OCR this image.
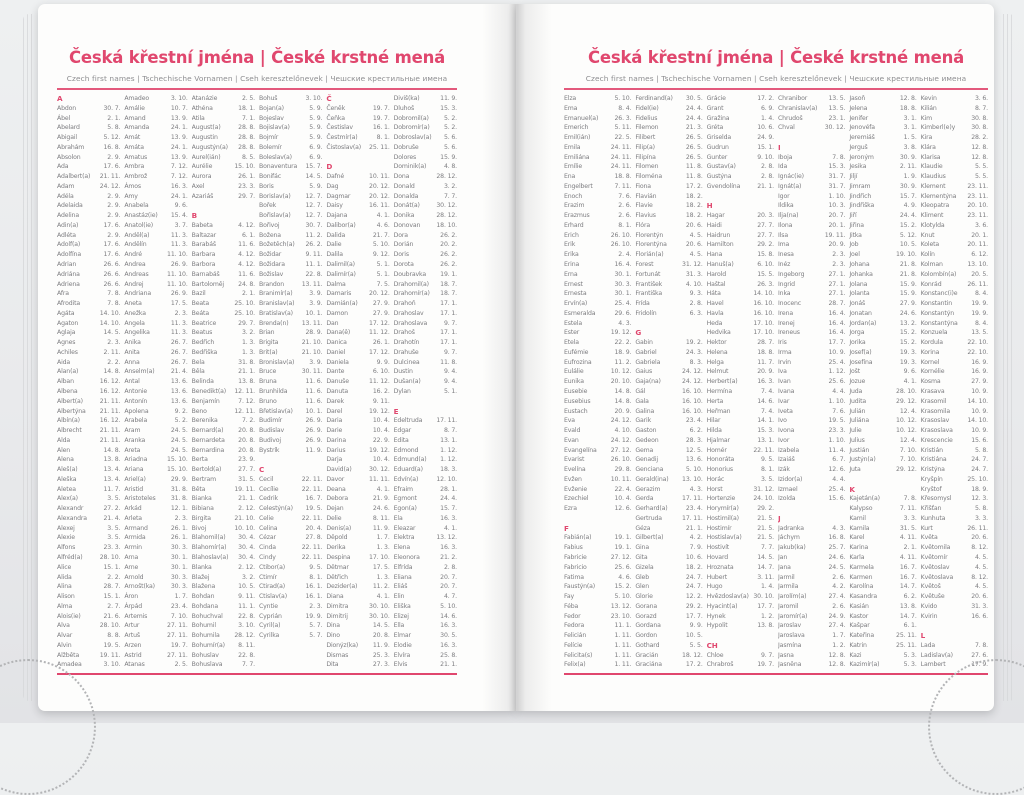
Česká křestní jména | České krstné mená
Czech first names | Tschechische Vornamen | Cseh keresztelőnevek | Чешские крестильные имена
A
Abdon	30. 7.
Ábel	2. 1.
Abelard	5. 8.
Abigail	5. 12.
Abrahám	16. 8.
Absolon	2. 9.
Ada	17. 6.
Adalbert(a)	21. 11.
Adam	24. 12.
Adéla	2. 9.
Adelaida	2. 9.
Adelina	2. 9.
Adin(a)	17. 6.
Adléta	2. 9.
Adolf(a)	17. 6.
Adolfína	17. 6.
Adrian	26. 6.
Adriána	26. 6.
Adriena	26. 6.
Afra	7. 8.
Afrodita	7. 8.
Agáta	14. 10.
Agaton	14. 10.
Aglaja	14. 5.
Agnes	2. 3.
Achiles	2. 11.
Aida	2. 2.
Alan(a)	14. 8.
Alban	16. 12.
Albena	16. 12.
Albert(a)	21. 11.
Albertýna	21. 11.
Albín(a)	16. 12.
Albrecht	21. 11.
Alda	21. 11.
Alen	14. 8.
Alena	13. 8.
Aleš(a)	13. 4.
Aleška	13. 4.
Aletea	11. 7.
Alex(a)	3. 5.
Alexandr	27. 2.
Alexandra	21. 4.
Alexej	3. 5.
Alexie	3. 5.
Alfons	23. 3.
Alfréd(a)	28. 10.
Alice	15. 1.
Alida	2. 2.
Alina	28. 7.
Alison	15. 1.
Alma	2. 7.
Alois(ie)	21. 6.
Alva	28. 10.
Alvar	8. 8.
Alvin	19. 5.
Alžběta	19. 11.
Amadea	3. 10.
Amadeo	3. 10.
Amálie	10. 7.
Amand	13. 9.
Amanda	24. 1.
Amát	13. 9.
Amáta	24. 1.
Amatus	13. 9.
Ambra	7. 12.
Ambrož	7. 12.
Ámos	16. 3.
Amy	24. 1.
Anabela	9. 6.
Anastáz(ie)	15. 4.
Anatol(ie)	3. 7.
Anděl(a)	11. 3.
Andělín	11. 3.
André	11. 10.
Andrea	26. 9.
Andreas	11. 10.
Andrej	11. 10.
Andriana	26. 9.
Aneta	17. 5.
Anežka	2. 3.
Angela	11. 3.
Angelika	11. 3.
Anika	26. 7.
Anita	26. 7.
Anna	26. 7.
Anselm(a)	21. 4.
Antal	13. 6.
Antonie	13. 6.
Antonín	13. 6.
Apolena	9. 2.
Arabela	5. 2.
Aram	24. 5.
Aranka	24. 5.
Areta	24. 5.
Ariadna	15. 10.
Ariana	15. 10.
Ariel(a)	29. 9.
Aristid	31. 8.
Aristoteles	31. 8.
Arkád	12. 1.
Arleta	2. 3.
Armand	26. 1.
Armida	26. 1.
Armin	30. 3.
Arna	30. 1.
Arne	30. 1.
Arnold	30. 3.
Arnošt(ka)	30. 3.
Áron	1. 7.
Árpád	23. 4.
Artemis	7. 10.
Artur	27. 11.
Artuš	27. 11.
Arzen	19. 7.
Astrid	27. 11.
Atanas	2. 5.
Atanázie	2. 5.
Athéna	18. 1.
Atila	7. 1.
August(a)	28. 8.
Augustin	28. 8.
Augustýn(a)	28. 8.
Aurel(ián)	8. 5.
Aurélie	15. 10.
Aurora	26. 1.
Axel	23. 3.
Azariáš	29. 7.
B
Babeta	4. 12.
Baltazar	6. 1.
Barabáš	11. 6.
Barbara	4. 12.
Barbora	4. 12.
Barnabáš	11. 6.
Bartoloměj	24. 8.
Bazil	2. 1.
Beata	25. 10.
Beáta	25. 10.
Beatrice	29. 7.
Beatus	3. 2.
Bedřich	1. 3.
Bedřiška	1. 3.
Bela	31. 8.
Běla	21. 1.
Belinda	13. 8.
Benedikt(a)	12. 11.
Benjamín	7. 12.
Beno	12. 11.
Berenika	7. 2.
Bernard(a)	20. 8.
Bernardeta	20. 8.
Bernardina	20. 8.
Berta	23. 9.
Bertold(a)	27. 7.
Bertram	31. 5.
Běta	19. 11.
Bianka	21. 1.
Bibiana	2. 12.
Birgita	21. 10.
Bivoj	10. 10.
Blahomil(a)	30. 4.
Blahomír(a)	30. 4.
Blahoslav(a)	30. 4.
Blanka	2. 12.
Blažej	3. 2.
Blažena	10. 5.
Bohdan	9. 11.
Bohdana	11. 1.
Bohuchval	22. 8.
Bohumil	3. 10.
Bohumila	28. 12.
Bohumír(a)	8. 11.
Bohuslav	22. 8.
Bohuslava	7. 7.
Bohuš	3. 10.
Bojan(a)	5. 9.
Bojeslav	5. 9.
Bojislav(a)	5. 9.
Bojmír	5. 9.
Bolemír	6. 9.
Boleslav(a)	6. 9.
Bonaventura	15. 7.
Bonifác	14. 5.
Boris	5. 9.
Borislav(a)	12. 7.
Bořek	12. 7.
Bořislav(a)	12. 7.
Bořivoj	30. 7.
Božena	11. 2.
Božetěch(a)	26. 2.
Božidar	9. 11.
Božidara	11. 1.
Božislav	22. 8.
Brandon	13. 11.
Branimír(a)	3. 9.
Branislav(a)	3. 9.
Bratislav(a)	10. 1.
Brenda(n)	13. 11.
Brian	28. 9.
Brigita	21. 10.
Brit(a)	21. 10.
Bronislav(a)	3. 9.
Bruce	30. 11.
Bruna	11. 6.
Brunhilda	11. 6.
Bruno	11. 6.
Břetislav(a)	10. 1.
Budimír	26. 9.
Budislav	26. 9.
Budivoj	26. 9.
Bystrík	11. 9.
C
Cecil	22. 11.
Cecílie	22. 11.
Cedrik	16. 7.
Celestýn(a)	19. 5.
Celie	22. 11.
Celina	20. 4.
Cézar	27. 8.
Cinda	22. 11.
Cindy	22. 11.
Ctibor(a)	9. 5.
Ctimír	8. 1.
Ctirad(a)	16. 1.
Ctislav(a)	16. 1.
Cyntie	2. 3.
Cyprián	19. 9.
Cyril(a)	5. 7.
Cyrilka	5. 7.
Č
Čeněk	19. 7.
Čeňka	19. 7.
Čestislav	16. 1.
Čestmír(a)	8. 1.
Čistoslav(a)	25. 11.
D
Dafné	10. 11.
Dag	20. 12.
Dagmar	20. 12.
Daisy	16. 11.
Dajana	4. 1.
Dalibor(a)	4. 6.
Dalida	21. 7.
Dalie	5. 10.
Dalila	9. 12.
Dalimil(a)	5. 1.
Dalimír(a)	5. 1.
Dalma	7. 5.
Damaris	20. 12.
Damián(a)	27. 9.
Damon	27. 9.
Dan	17. 12.
Dana(ě)	11. 12.
Danica	26. 1.
Daniel	17. 12.
Daniela	9. 9.
Dante	6. 10.
Danuše	11. 12.
Danuta	16. 2.
Darek	9. 11.
Darel	19. 12.
Daria	10. 4.
Darie	10. 4.
Darina	22. 9.
Darius	19. 12.
Darja	10. 4.
David(a)	30. 12.
Davor	11. 11.
Deana	4. 1.
Debora	21. 9.
Dejan	24. 6.
Delie	8. 11.
Denis(a)	11. 9.
Děpold	1. 7.
Derika	1. 3.
Despina	17. 10.
Dětmar	17. 5.
Dětřich	1. 3.
Dezider(a)	11. 2.
Diana	4. 1.
Dimitra	30. 10.
Dimitrij	30. 10.
Dina	14. 5.
Dino	20. 8.
Dionýz(ka)	11. 9.
Dismas	25. 3.
Dita	27. 3.
Diviš(ka)	11. 9.
Dluhoš	15. 3.
Dobromil(a)	5. 2.
Dobromír(a)	5. 2.
Dobroslav(a)	5. 6.
Dobruše	5. 6.
Dolores	15. 9.
Dominik(a)	4. 8.
Dona	28. 12.
Donald	3. 2.
Donalda	7. 7.
Donát(a)	30. 12.
Donika	28. 12.
Donovan	18. 10.
Dora	26. 2.
Dorián	20. 2.
Doris	26. 2.
Dorota	26. 2.
Doubravka	19. 1.
Drahomil(a)	18. 7.
Drahomír(a)	18. 7.
Drahoň	17. 1.
Drahoslav	17. 1.
Drahoslava	9. 7.
Drahoš	17. 1.
Drahotín	17. 1.
Drahuše	9. 7.
Dulcinea	11. 8.
Dustin	9. 4.
Dušan(a)	9. 4.
Dylan	5. 1.
E
Edeltruda	17. 11.
Edgar	8. 7.
Edita	13. 1.
Edmond	1. 12.
Edmund(a)	1. 12.
Eduard(a)	18. 3.
Edvín(a)	12. 10.
Efraim	28. 1.
Egmont	24. 4.
Egon(a)	15. 7.
Ela	16. 3.
Eleazar	4. 1.
Elektra	13. 12.
Elena	16. 3.
Eleonora	21. 2.
Elfrída	2. 8.
Eliana	20. 7.
Eliáš	20. 7.
Elin	4. 7.
Eliška	5. 10.
Elizej	14. 6.
Ella	16. 3.
Elmar	30. 5.
Elodie	16. 3.
Elvíra	25. 8.
Elvis	21. 1.
Česká křestní jména | České krstné mená
Czech first names | Tschechische Vornamen | Cseh keresztelőnevek | Чешские крестильные имена
Elza	5. 10.
Ema	8. 4.
Emanuel(a)	26. 3.
Emerich	5. 11.
Emil(ián)	22. 5.
Emila	24. 11.
Emiliána	24. 11.
Emílie	24. 11.
Ena	18. 8.
Engelbert	7. 11.
Enoch	7. 6.
Erazim	2. 6.
Erazmus	2. 6.
Erhard	8. 1.
Erich	26. 10.
Erik	26. 10.
Erika	2. 4.
Erina	16. 4.
Erna	30. 1.
Ernest	30. 3.
Ernesta	30. 1.
Ervín(a)	25. 4.
Esmeralda	29. 6.
Estela	4. 3.
Ester	19. 12.
Etela	22. 2.
Eufémie	18. 9.
Eufrozina	11. 2.
Eulálie	10. 12.
Eunika	20. 10.
Eusebie	14. 8.
Eusebius	14. 8.
Eustach	20. 9.
Eva	24. 12.
Evald	4. 10.
Evan	24. 12.
Evangelína	27. 12.
Evarist	26. 10.
Evelína	29. 8.
Evžen	10. 11.
Evženie	22. 4.
Ezechiel	10. 4.
Ezra	12. 6.
F
Fabián(a)	19. 1.
Fabius	19. 1.
Fabricie	27. 12.
Fabricio	25. 6.
Fatima	4. 6.
Faustýn(a)	15. 2.
Fay	5. 10.
Féba	13. 12.
Fedor	23. 10.
Fedora	11. 1.
Felicián	1. 11.
Felície	1. 11.
Felicita(s)	1. 11.
Felix(a)	1. 11.
Ferdinand(a)	30. 5.
Fidel(ie)	24. 4.
Fidelius	24. 4.
Filemon	21. 3.
Filibert	26. 5.
Filip(a)	26. 5.
Filipína	26. 5.
Filomen	11. 8.
Filoména	11. 8.
Fiona	17. 2.
Flavián	18. 2.
Flavie	18. 2.
Flavius	18. 2.
Flóra	20. 6.
Florentýn	4. 5.
Florentýna	20. 6.
Florián(a)	4. 5.
Forest	31. 12.
Fortunát	31. 3.
František	4. 10.
Františka	9. 3.
Frída	2. 8.
Fridolín	6. 3.
G
Gabin	19. 2.
Gabriel	24. 3.
Gabriela	8. 3.
Gaius	24. 12.
Gaja(na)	24. 12.
Gál	16. 10.
Gala	16. 10.
Galina	16. 10.
Garik	23. 4.
Gaston	6. 2.
Gedeon	28. 3.
Gema	12. 5.
Genadij	13. 6.
Genciana	5. 10.
Gerald(ina)	13. 10.
Gerazim	4. 3.
Gerda	17. 11.
Gerhard(a)	23. 4.
Gertruda	17. 11.
Géza	21. 1.
Gilbert(a)	4. 2.
Gina	7. 9.
Gita	10. 6.
Gizela	18. 2.
Gleb	24. 7.
Glen	24. 7.
Glorie	12. 2.
Gorana	29. 2.
Gorazd	17. 7.
Gordana	9. 9.
Gordon	10. 5.
Gothard	5. 5.
Gracián	18. 12.
Graciána	17. 2.
Grácie	17. 2.
Grant	6. 9.
Gražina	1. 4.
Gréta	10. 6.
Griselda	24. 9.
Gudrun	15. 1.
Gunter	9. 10.
Gustav(a)	2. 8.
Gustýna	2. 8.
Gvendolína	21. 1.
H
Hagar	20. 3.
Haidi	27. 7.
Haidrun	27. 7.
Hamilton	29. 2.
Hana	15. 8.
Hanuš(a)	6. 10.
Harold	15. 5.
Haštal	26. 3.
Háta	14. 10.
Havel	16. 10.
Havla	16. 10.
Heda	17. 10.
Hedvika	17. 10.
Hektor	28. 7.
Helena	18. 8.
Helga	11. 7.
Helmut	20. 9.
Herbert(a)	16. 3.
Hermína	7. 4.
Herta	14. 6.
Heřman	7. 4.
Hilar	14. 1.
Hilda	15. 3.
Hjalmar	13. 1.
Homér	22. 11.
Honoráta	9. 5.
Honorius	8. 1.
Horác	3. 5.
Horst	31. 12.
Hortenzie	24. 10.
Horymír(a)	29. 2.
Hostimil(a)	21. 5.
Hostimír	21. 5.
Hostislav(a)	21. 5.
Hostivít	7. 7.
Hovard	14. 5.
Hroznata	14. 7.
Hubert	3. 11.
Hugo	1. 4.
Hvězdoslav(a) 30. 10.
Hyacint(a)	17. 7.
Hynek	1. 2.
Hypolit	13. 8.
CH
Chloe	9. 7.
Chrabroš	19. 7.
Chranibor	13. 5.
Chranislav(a)	13. 5.
Chrudoš	23. 1.
Chval	30. 12.
I
Iboja	7. 8.
Ida	15. 3.
Ignác(ie)	31. 7.
Ignát(a)	31. 7.
Igor	1. 10.
Ildika	10. 3.
Ilja(na)	20. 7.
Ilona	20. 1.
Ilsa	19. 11.
Ima	20. 9.
Inesa	2. 3.
Inéz	2. 3.
Ingeborg	27. 1.
Ingrid	27. 1.
Inka	27. 1.
Inocenc	28. 7.
Irena	16. 4.
Irenej	16. 4.
Ireneus	16. 4.
Iris	17. 7.
Irma	10. 9.
Irvin	25. 4.
Iva	1. 12.
Ivan	25. 6.
Ivana	4. 4.
Ivar	1. 10.
Iveta	7. 6.
Ivo	19. 5.
Ivona	23. 3.
Ivor	1. 10.
Izabela	11. 4.
Izaiáš	6. 7.
Izák	12. 6.
Izidor(a)	4. 4.
Izmael	25. 4.
Izolda	15. 6.
J
Jadranka	4. 3.
Jáchym	16. 8.
Jakub(ka)	25. 7.
Jan	24. 6.
Jana	24. 5.
Jarmil	2. 6.
Jarmila	4. 2.
Jarolím(a)	27. 4.
Jaromil	2. 6.
Jaromír(a)	24. 9.
Jaroslav	27. 4.
Jaroslava	1. 7.
Jasmína	1. 2.
Jasna	12. 8.
Jasněna	12. 8.
Jasoň	12. 8.
Jelena	18. 8.
Jenifer	3. 1.
Jenovéfa	3. 1.
Jeremiáš	1. 5.
Jerguš	3. 8.
Jeroným	30. 9.
Jesika	2. 11.
Jiljí	1. 9.
Jimram	30. 9.
Jindřich	15. 7.
Jindřiška	4. 9.
Jiří	24. 4.
Jiřina	15. 2.
Jitka	5. 12.
Job	10. 5.
Joel	19. 10.
Johana	21. 8.
Johanka	21. 8.
Jolana	15. 9.
Jolanta	15. 9.
Jonáš	27. 9.
Jonatan	24. 6.
Jordan(a)	13. 2.
Jorga	15. 2.
Jorika	15. 2.
Josef(a)	19. 3.
Josefína	19. 3.
Jošt	9. 6.
Jozue	4. 1.
Juda	28. 10.
Judita	29. 12.
Julián	12. 4.
Juliána	10. 12.
Julie	10. 12.
Julius	12. 4.
Justián	7. 10.
Justýn(a)	7. 10.
Juta	29. 12.
K
Kajetán(a)	7. 8.
Kalypso	7. 11.
Kamil	3. 3.
Kamila	31. 5.
Karel	4. 11.
Karina	2. 1.
Karla	4. 11.
Karmela	16. 7.
Karmen	16. 7.
Karolína	14. 7.
Kasandra	6. 2.
Kasián	13. 8.
Kastor	14. 7.
Kašpar	6. 1.
Kateřina	25. 11.
Katrin	25. 11.
Kazi	5. 3.
Kazimír(a)	5. 3.
Kevin	3. 6.
Kilián	8. 7.
Kim	30. 8.
Kimberl(e)y	30. 8.
Kira	28. 2.
Klára	12. 8.
Klarisa	12. 8.
Klaudie	5. 5.
Klaudius	5. 5.
Klement	23. 11.
Klementýna	23. 11.
Kleopatra	20. 10.
Kliment	23. 11.
Klotylda	3. 6.
Knut	20. 1.
Koleta	20. 11.
Kolín	6. 12.
Kolman	13. 10.
Kolombín(a)	20. 5.
Konrád	26. 11.
Konstanc(i)e	8. 4.
Konstantin	19. 9.
Konstantýn	19. 9.
Konstantýna	8. 4.
Konzuela	13. 5.
Kordula	22. 10.
Korina	22. 10.
Kornel	16. 9.
Kornélie	16. 9.
Kosma	27. 9.
Krasava	10. 9.
Krasomil	14. 10.
Krasomila	10. 9.
Krasoslav	14. 10.
Krasoslava	10. 9.
Krescencie	15. 6.
Kristián	5. 8.
Kristiána	24. 7.
Kristýna	24. 7.
Kryšpín	25. 10.
Kryštof	18. 9.
Křesomysl	12. 3.
Křišťan	5. 8.
Kunhuta	3. 3.
Kurt	26. 11.
Květa	20. 6.
Květomila	8. 12.
Květomír	4. 5.
Květoslav	4. 5.
Květoslava	8. 12.
Květoš	4. 5.
Květuše	20. 6.
Kvido	31. 3.
Kvirin	16. 6.
L
Lada	7. 8.
Ladislav(a)	27. 6.
Lambert	17. 9.
